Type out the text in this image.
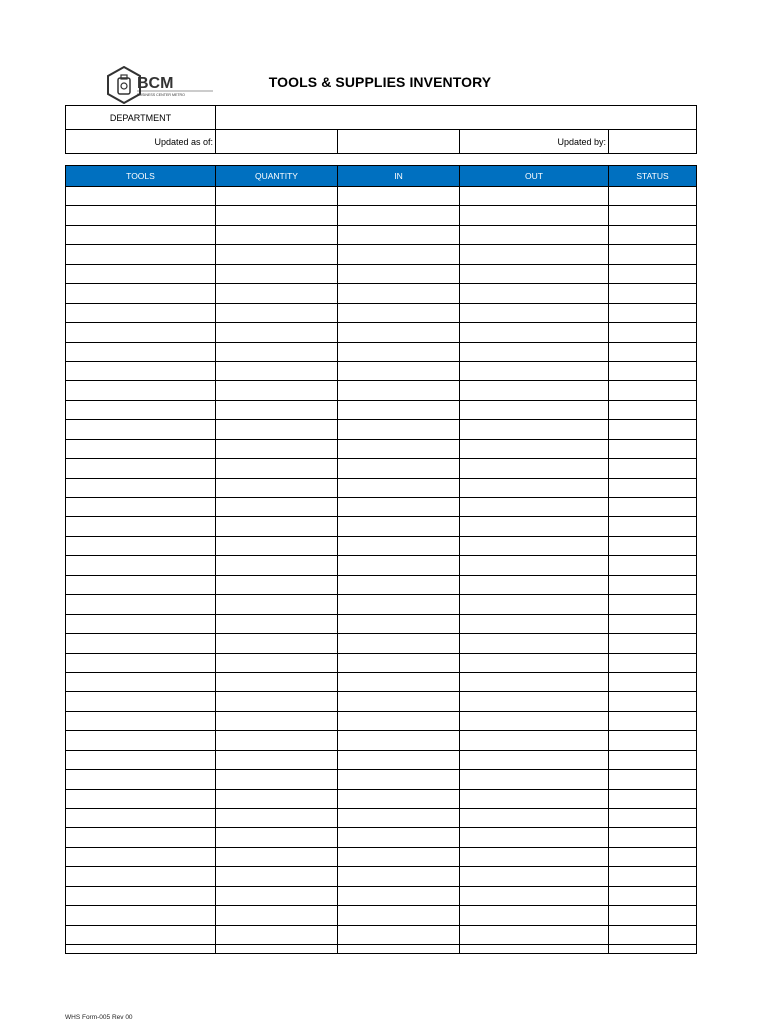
BCM
BUSINESS CENTER METRO
TOOLS & SUPPLIES INVENTORY
DEPARTMENT				
Updated as of:			Updated by:	
TOOLS	QUANTITY	IN	OUT	STATUS

WHS Form-005 Rev 00
